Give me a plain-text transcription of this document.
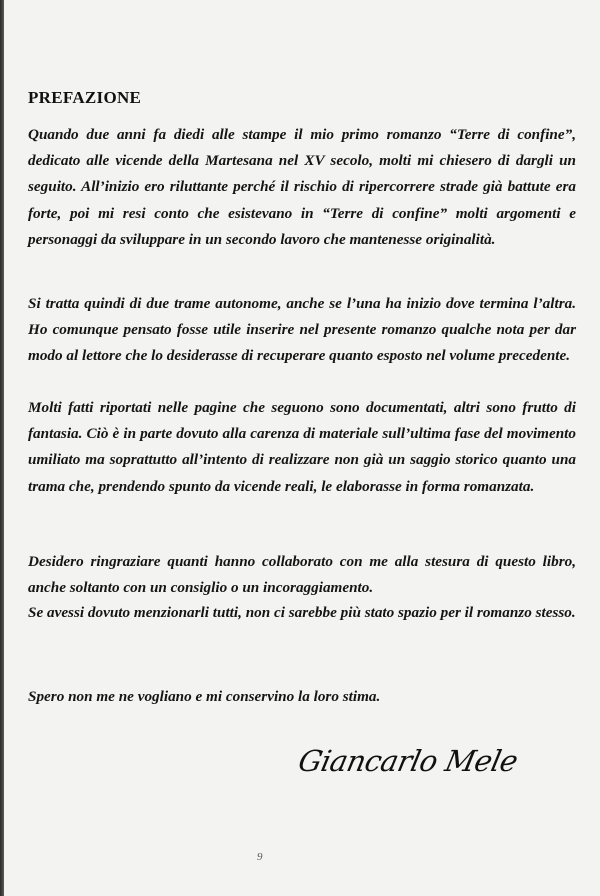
PREFAZIONE

Quando due anni fa diedi alle stampe il mio primo romanzo “Terre di confine”, dedicato alle vicende della Martesana nel XV secolo, molti mi chiesero di dargli un seguito. All’inizio ero riluttante perché il rischio di ripercorrere strade già battute era forte, poi mi resi conto che esistevano in “Terre di confine” molti argomenti e personaggi da sviluppare in un secondo lavoro che mantenesse originalità.

Si tratta quindi di due trame autonome, anche se l’una ha inizio dove termina l’altra. Ho comunque pensato fosse utile inserire nel presente romanzo qualche nota per dar modo al lettore che lo desiderasse di recuperare quanto esposto nel volume precedente.

Molti fatti riportati nelle pagine che seguono sono documentati, altri sono frutto di fantasia. Ciò è in parte dovuto alla carenza di materiale sull’ultima fase del movimento umiliato ma soprattutto all’intento di realizzare non già un saggio storico quanto una trama che, prendendo spunto da vicende reali, le elaborasse in forma romanzata.

Desidero ringraziare quanti hanno collaborato con me alla stesura di questo libro, anche soltanto con un consiglio o un incoraggiamento.

Se avessi dovuto menzionarli tutti, non ci sarebbe più stato spazio per il romanzo stesso.

Spero non me ne vogliano e mi conservino la loro stima.

Giancarlo Mele
9
